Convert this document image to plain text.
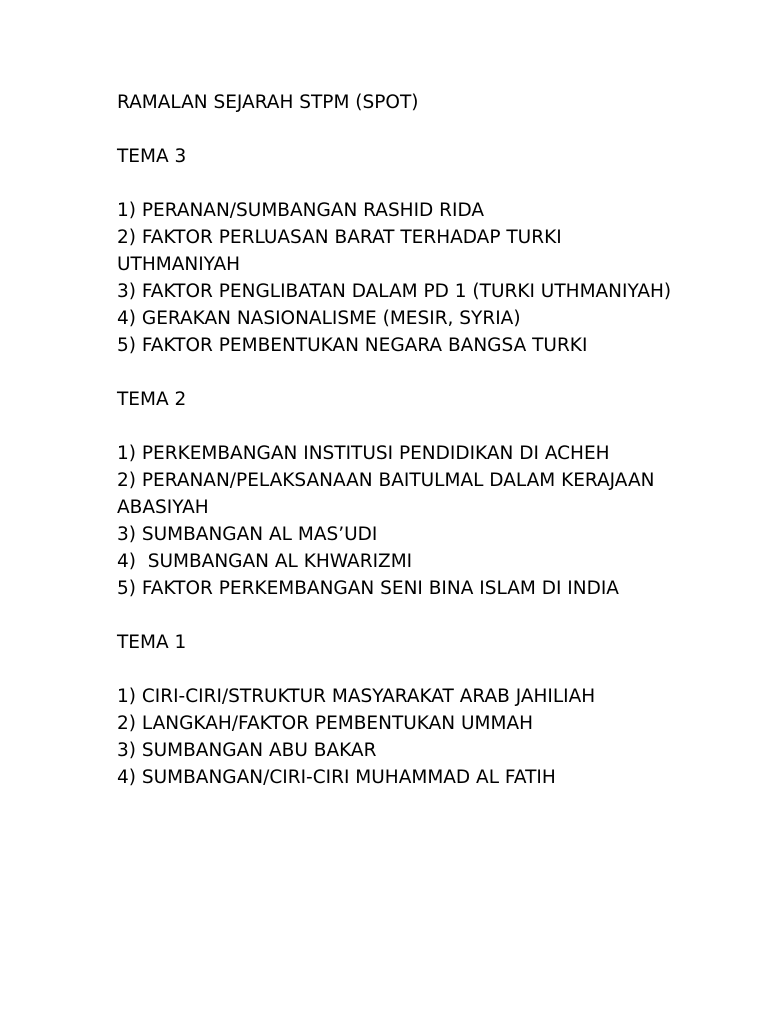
RAMALAN SEJARAH STPM (SPOT)
TEMA 3
1) PERANAN/SUMBANGAN RASHID RIDA
2) FAKTOR PERLUASAN BARAT TERHADAP TURKI UTHMANIYAH
3) FAKTOR PENGLIBATAN DALAM PD 1 (TURKI UTHMANIYAH)
4) GERAKAN NASIONALISME (MESIR, SYRIA)
5) FAKTOR PEMBENTUKAN NEGARA BANGSA TURKI
TEMA 2
1) PERKEMBANGAN INSTITUSI PENDIDIKAN DI ACHEH
2) PERANAN/PELAKSANAAN BAITULMAL DALAM KERAJAAN ABASIYAH
3) SUMBANGAN AL MAS’UDI
4)  SUMBANGAN AL KHWARIZMI
5) FAKTOR PERKEMBANGAN SENI BINA ISLAM DI INDIA
TEMA 1
1) CIRI-CIRI/STRUKTUR MASYARAKAT ARAB JAHILIAH
2) LANGKAH/FAKTOR PEMBENTUKAN UMMAH
3) SUMBANGAN ABU BAKAR
4) SUMBANGAN/CIRI-CIRI MUHAMMAD AL FATIH
